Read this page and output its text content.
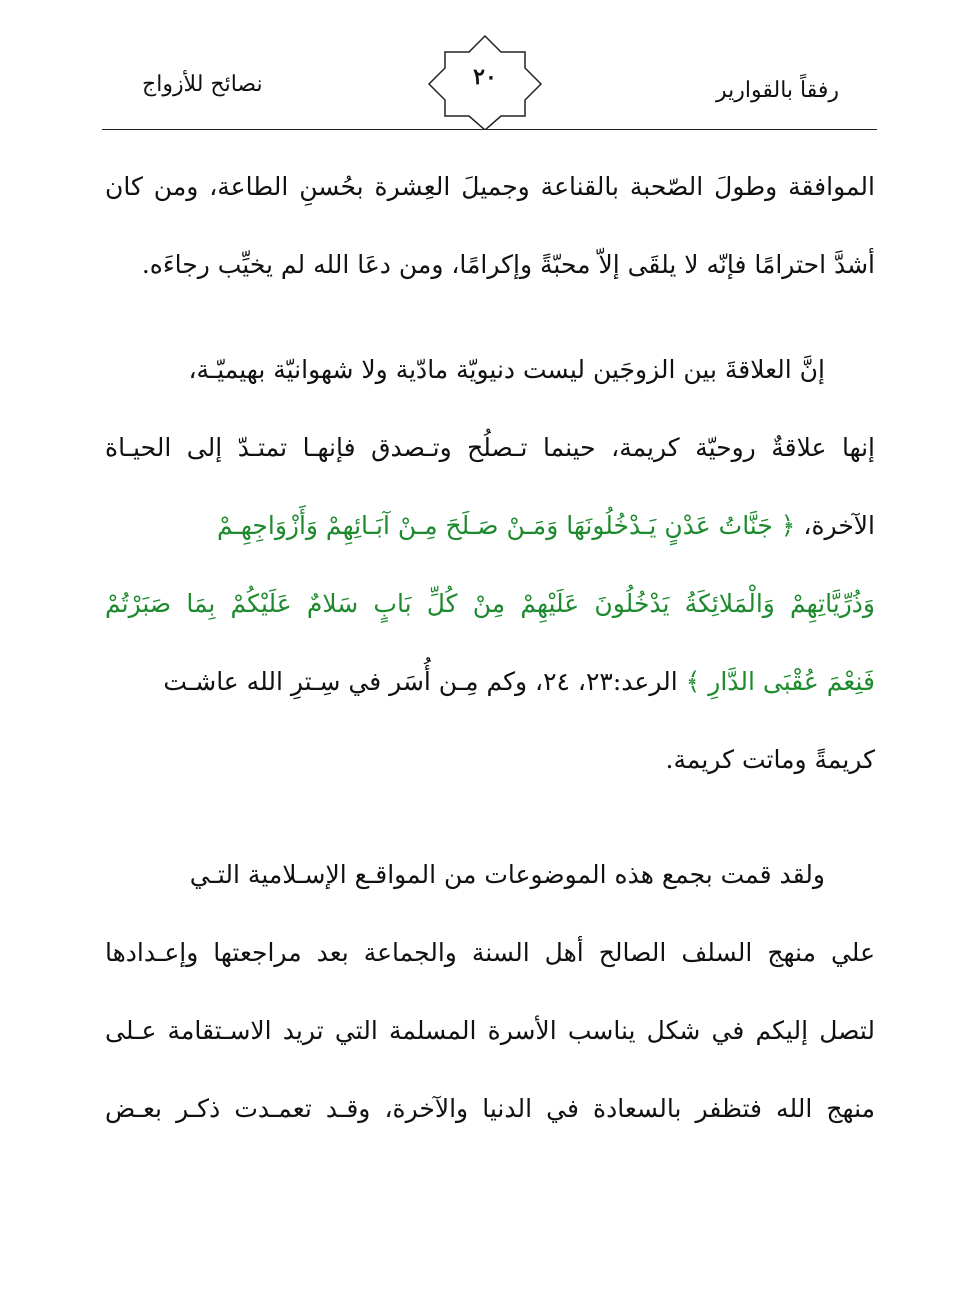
نصائح للأزواج	٢٠
رفقاً بالقوارير
الموافقة وطولَ الصّحبة بالقناعة وجميلَ العِشرة بحُسنِ الطاعة، ومن كان
أشدَّ احترامًا فإنّه لا يلقَى إلاّ محبّةً وإكرامًا، ومن دعَا الله لم يخيِّب رجاءَه.
إنَّ العلاقةَ بين الزوجَين ليست دنيويّة مادّية ولا شهوانيّة بهيميّـة،
إنها علاقةٌ روحيّة كريمة، حينما تـصلُح وتـصدق فإنهـا تمتـدّ إلى الحيـاة
الآخرة، ﴿ جَنَّاتُ عَدْنٍ يَـدْخُلُونَهَا وَمَـنْ صَـلَحَ مِـنْ آبَـائِهِمْ وَأَزْوَاجِهِـمْ
وَذُرِّيَّاتِهِمْ وَالْمَلائِكَةُ يَدْخُلُونَ عَلَيْهِمْ مِنْ كُلِّ بَابٍ سَلامٌ عَلَيْكُمْ بِمَا صَبَرْتُمْ
فَنِعْمَ عُقْبَى الدَّارِ ﴾ الرعد:٢٣، ٢٤، وكم مِـن أُسَر في سِـترِ الله عاشـت
كريمةً وماتت كريمة.
ولقد قمت بجمع هذه الموضوعات من المواقـع الإسـلامية التـي
علي منهج السلف الصالح أهل السنة والجماعة بعد مراجعتها وإعـدادها
لتصل إليكم في شكل يناسب الأسرة المسلمة التي تريد الاسـتقامة عـلى
منهج الله فتظفر بالسعادة في الدنيا والآخرة، وقـد تعمـدت ذكـر بعـض
